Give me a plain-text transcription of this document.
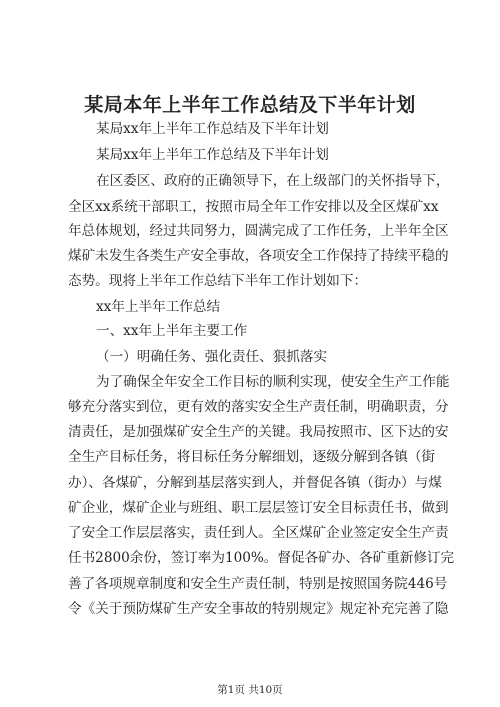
某局本年上半年工作总结及下半年计划
某局xx年上半年工作总结及下半年计划
某局xx年上半年工作总结及下半年计划
在区委区、政府的正确领导下，在上级部门的关怀指导下，
全区xx系统干部职工，按照市局全年工作安排以及全区煤矿xx
年总体规划，经过共同努力，圆满完成了工作任务，上半年全区
煤矿未发生各类生产安全事故，各项安全工作保持了持续平稳的
态势。现将上半年工作总结下半年工作计划如下：
xx年上半年工作总结
一、xx年上半年主要工作
（一）明确任务、强化责任、狠抓落实
为了确保全年安全工作目标的顺利实现，使安全生产工作能
够充分落实到位，更有效的落实安全生产责任制，明确职责，分
清责任，是加强煤矿安全生产的关键。我局按照市、区下达的安
全生产目标任务，将目标任务分解细划，逐级分解到各镇（街
办）、各煤矿，分解到基层落实到人，并督促各镇（街办）与煤
矿企业，煤矿企业与班组、职工层层签订安全目标责任书，做到
了安全工作层层落实，责任到人。全区煤矿企业签定安全生产责
任书2800余份，签订率为100%。督促各矿办、各矿重新修订完
善了各项规章制度和安全生产责任制，特别是按照国务院446号
令《关于预防煤矿生产安全事故的特别规定》规定补充完善了隐
第1页 共10页
